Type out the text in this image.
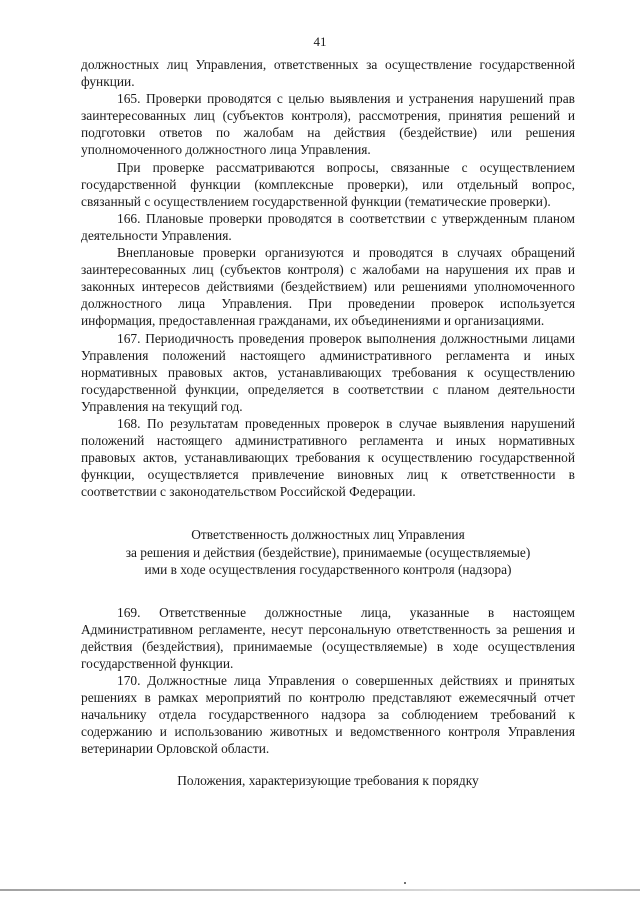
41

должностных лиц Управления, ответственных за осуществление государственной функции.

165. Проверки проводятся с целью выявления и устранения нарушений прав заинтересованных лиц (субъектов контроля), рассмотрения, принятия решений и подготовки ответов по жалобам на действия (бездействие) или решения уполномоченного должностного лица Управления.

При проверке рассматриваются вопросы, связанные с осуществлением государственной функции (комплексные проверки), или отдельный вопрос, связанный с осуществлением государственной функции (тематические проверки).

166. Плановые проверки проводятся в соответствии с утвержденным планом деятельности Управления.

Внеплановые проверки организуются и проводятся в случаях обращений заинтересованных лиц (субъектов контроля) с жалобами на нарушения их прав и законных интересов действиями (бездействием) или решениями уполномоченного должностного лица Управления. При проведении проверок используется информация, предоставленная гражданами, их объединениями и организациями.

167. Периодичность проведения проверок выполнения должностными лицами Управления положений настоящего административного регламента и иных нормативных правовых актов, устанавливающих требования к осуществлению государственной функции, определяется в соответствии с планом деятельности Управления на текущий год.

168. По результатам проведенных проверок в случае выявления нарушений положений настоящего административного регламента и иных нормативных правовых актов, устанавливающих требования к осуществлению государственной функции, осуществляется привлечение виновных лиц к ответственности в соответствии с законодательством Российской Федерации.

Ответственность должностных лиц Управления

за решения и действия (бездействие), принимаемые (осуществляемые)

ими в ходе осуществления государственного контроля (надзора)

169. Ответственные должностные лица, указанные в настоящем Административном регламенте, несут персональную ответственность за решения и действия (бездействия), принимаемые (осуществляемые) в ходе осуществления государственной функции.

170. Должностные лица Управления о совершенных действиях и принятых решениях в рамках мероприятий по контролю представляют ежемесячный отчет начальнику отдела государственного надзора за соблюдением требований к содержанию и использованию животных и ведомственного контроля Управления ветеринарии Орловской области.

Положения, характеризующие требования к порядку
